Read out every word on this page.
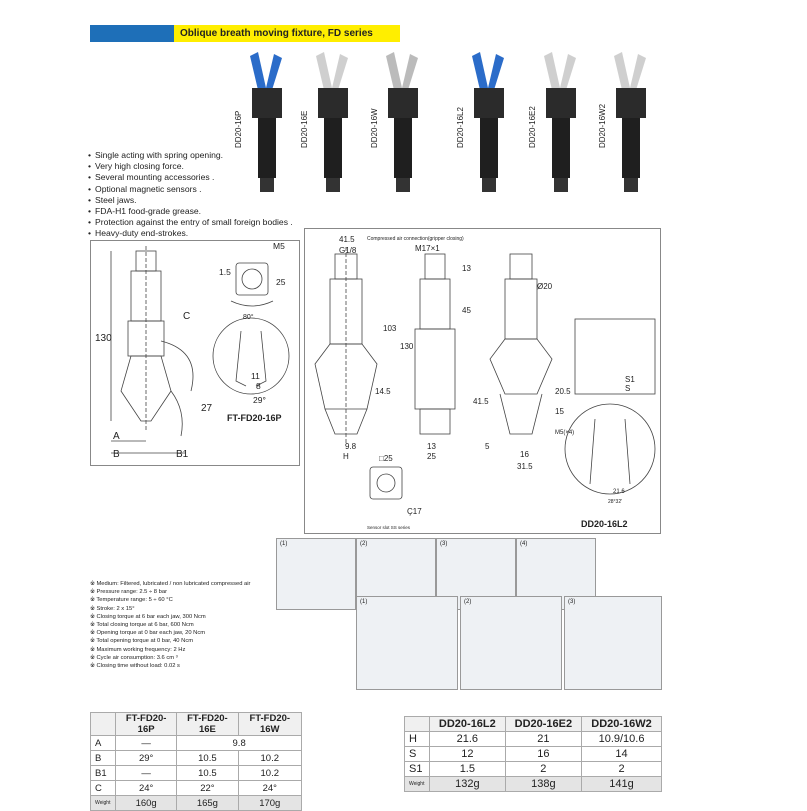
Oblique breath moving fixture, FD series
DD20-16P	DD20-16E	DD20-16W	DD20-16L2	DD20-16E2	DD20-16W2
• Single acting with spring opening.
• Very high closing force.
• Several mounting accessories .
• Optional magnetic sensors .
• Steel jaws.
• FDA-H1 food-grade grease.
• Protection against the entry of small foreign bodies .
• Heavy-duty end-strokes.
M5
1.5
25
80°
130
C
11
8
29°
27
A
B	B1
FT-FD20-16P
41.5
G1/8
Compressed air connection(gripper closing)
M17×1
13
Ø20
45
103
130
14.5
9.8
H
13
25
41.5
20.5
15
M5(×4)
5
16
31.5
S1
S
□25
Ç17
Sensor slot SS series
21.6
28°32'
DD20-16L2
(1)	(2)	(3)	(4)
(1)	(2)	(3)
※ Medium: Filtered, lubricated / non lubricated compressed air
※ Pressure range: 2.5 ÷ 8 bar
※ Temperature range: 5 ÷ 60 °C
※ Stroke: 2 x 15°
※ Closing torque at 6 bar each jaw, 300 Ncm
※ Total closing torque at 6 bar, 600 Ncm
※ Opening torque at 0 bar each jaw, 20 Ncm
※ Total opening torque at 0 bar, 40 Ncm
※ Maximum working frequency: 2 Hz
※ Cycle air consumption: 3.6 cm ³
※ Closing time without load: 0.02 s
	FT-FD20-16P	FT-FD20-16E	FT-FD20-16W
A	—	9.8	
B	29°	10.5	10.2
B1	—	10.5	10.2
C	24°	22°	24°
Weight	160g	165g	170g
	DD20-16L2	DD20-16E2	DD20-16W2
H	21.6	21	10.9/10.6
S	12	16	14
S1	1.5	2	2
Weight	132g	138g	141g
